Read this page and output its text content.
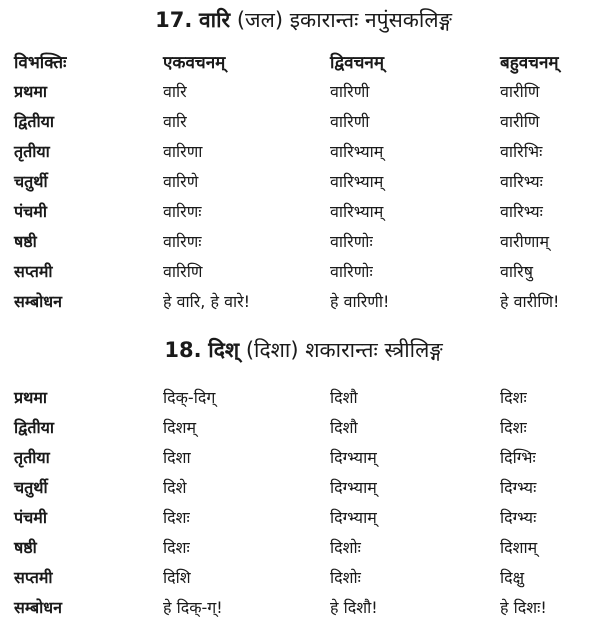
17. वारि (जल) इकारान्तः नपुंसकलिङ्ग
विभक्तिः	एकवचनम्	द्विवचनम्	बहुवचनम्
प्रथमा	वारि	वारिणी	वारीणि
द्वितीया	वारि	वारिणी	वारीणि
तृतीया	वारिणा	वारिभ्याम्	वारिभिः
चतुर्थी	वारिणे	वारिभ्याम्	वारिभ्यः
पंचमी	वारिणः	वारिभ्याम्	वारिभ्यः
षष्ठी	वारिणः	वारिणोः	वारीणाम्
सप्तमी	वारिणि	वारिणोः	वारिषु
सम्बोधन	हे वारि, हे वारे!	हे वारिणी!	हे वारीणि!
18. दिश् (दिशा) शकारान्तः स्त्रीलिङ्ग
प्रथमा	दिक्-दिग्	दिशौ	दिशः
द्वितीया	दिशम्	दिशौ	दिशः
तृतीया	दिशा	दिग्भ्याम्	दिग्भिः
चतुर्थी	दिशे	दिग्भ्याम्	दिग्भ्यः
पंचमी	दिशः	दिग्भ्याम्	दिग्भ्यः
षष्ठी	दिशः	दिशोः	दिशाम्
सप्तमी	दिशि	दिशोः	दिक्षु
सम्बोधन	हे दिक्-ग्!	हे दिशौ!	हे दिशः!
